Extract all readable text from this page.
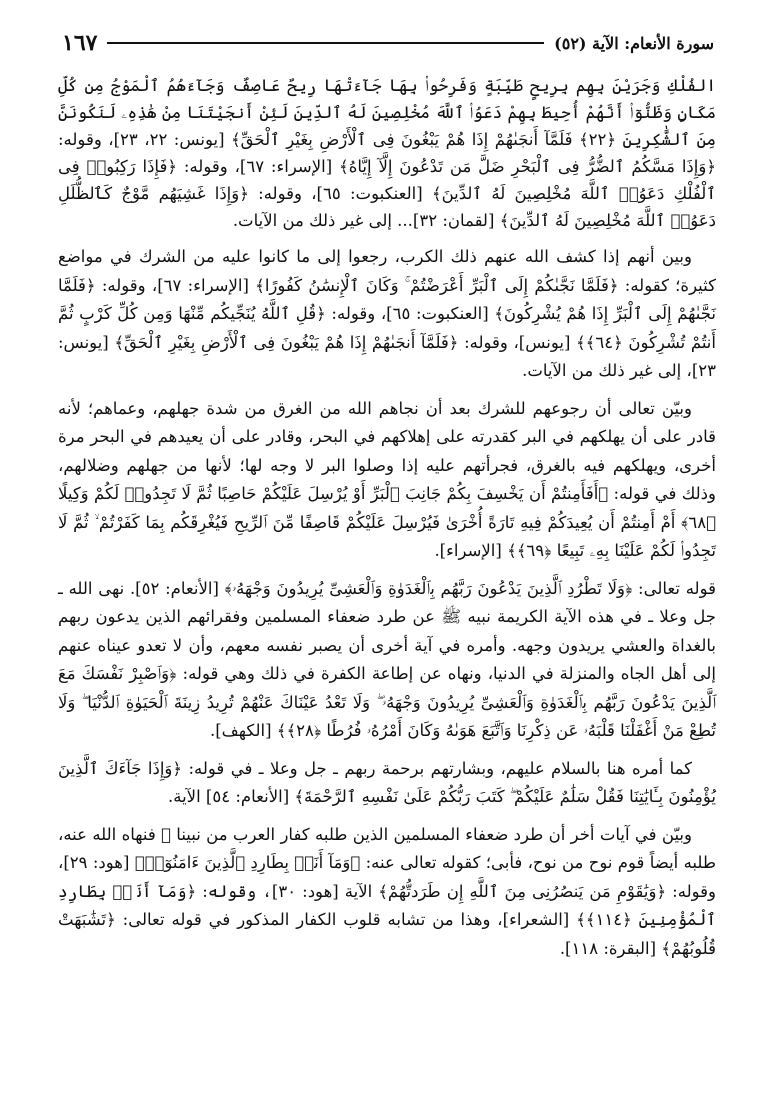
سورة الأنعام: الآية (٥٢)
١٦٧

الفُلْكِ وَجَرَيْنَ بِهِم بِرِيحٍ طَيِّبَةٍ وَفَرِحُوا۟ بِهَا جَآءَتْهَا رِيحٌ عَاصِفٌ وَجَآءَهُمُ ٱلْمَوْجُ مِن كُلِّ مَكَانٍ وَظَنُّوٓا۟ أَنَّهُمْ أُحِيطَ بِهِمْ دَعَوُا۟ ٱللَّهَ مُخْلِصِينَ لَهُ ٱلدِّينَ لَئِنْ أَنجَيْتَنَا مِنْ هَٰذِهِۦ لَنَكُونَنَّ مِنَ ٱلشَّٰكِرِينَ ﴿٢٢﴾ فَلَمَّآ أَنجَىٰهُمْ إِذَا هُمْ يَبْغُونَ فِى ٱلْأَرْضِ بِغَيْرِ ٱلْحَقِّ﴾ [يونس: ٢٢، ٢٣]، وقوله: ﴿وَإِذَا مَسَّكُمُ ٱلضُّرُّ فِى ٱلْبَحْرِ ضَلَّ مَن تَدْعُونَ إِلَّآ إِيَّاهُ﴾ [الإسراء: ٦٧]، وقوله: ﴿فَإِذَا رَكِبُوا۟ فِى ٱلْفُلْكِ دَعَوُا۟ ٱللَّهَ مُخْلِصِينَ لَهُ ٱلدِّينَ﴾ [العنكبوت: ٦٥]، وقوله: ﴿وَإِذَا غَشِيَهُم مَّوْجٌ كَٱلظُّلَلِ دَعَوُا۟ ٱللَّهَ مُخْلِصِينَ لَهُ ٱلدِّينَ﴾ [لقمان: ٣٢]... إلى غير ذلك من الآيات.

وبين أنهم إذا كشف الله عنهم ذلك الكرب، رجعوا إلى ما كانوا عليه من الشرك في مواضع كثيرة؛ كقوله: ﴿فَلَمَّا نَجَّىٰكُمْ إِلَى ٱلْبَرِّ أَعْرَضْتُمْ ۚ وَكَانَ ٱلْإِنسَٰنُ كَفُورًا﴾ [الإسراء: ٦٧]، وقوله: ﴿فَلَمَّا نَجَّىٰهُمْ إِلَى ٱلْبَرِّ إِذَا هُمْ يُشْرِكُونَ﴾ [العنكبوت: ٦٥]، وقوله: ﴿قُلِ ٱللَّهُ يُنَجِّيكُم مِّنْهَا وَمِن كُلِّ كَرْبٍ ثُمَّ أَنتُمْ تُشْرِكُونَ ﴿٦٤﴾﴾ [يونس]، وقوله: ﴿فَلَمَّآ أَنجَىٰهُمْ إِذَا هُمْ يَبْغُونَ فِى ٱلْأَرْضِ بِغَيْرِ ٱلْحَقِّ﴾ [يونس: ٢٣]، إلى غير ذلك من الآيات.

وبيّن تعالى أن رجوعهم للشرك بعد أن نجاهم الله من الغرق من شدة جهلهم، وعماهم؛ لأنه قادر على أن يهلكهم في البر كقدرته على إهلاكهم في البحر، وقادر على أن يعيدهم في البحر مرة أخرى، ويهلكهم فيه بالغرق، فجرأتهم عليه إذا وصلوا البر لا وجه لها؛ لأنها من جهلهم وضلالهم، وذلك في قوله: ﴿أَفَأَمِنتُمْ أَن يَخْسِفَ بِكُمْ جَانِبَ ٱلْبَرِّ أَوْ يُرْسِلَ عَلَيْكُمْ حَاصِبًا ثُمَّ لَا تَجِدُوا۟ لَكُمْ وَكِيلًا ﴿٦٨﴾ أَمْ أَمِنتُمْ أَن يُعِيدَكُمْ فِيهِ تَارَةً أُخْرَىٰ فَيُرْسِلَ عَلَيْكُمْ قَاصِفًا مِّنَ ٱلرِّيحِ فَيُغْرِقَكُم بِمَا كَفَرْتُمْ ۙ ثُمَّ لَا تَجِدُوا۟ لَكُمْ عَلَيْنَا بِهِۦ تَبِيعًا ﴿٦٩﴾﴾ [الإسراء].

قوله تعالى: ﴿وَلَا تَطْرُدِ ٱلَّذِينَ يَدْعُونَ رَبَّهُم بِٱلْغَدَوٰةِ وَٱلْعَشِىِّ يُرِيدُونَ وَجْهَهُۥ﴾ [الأنعام: ٥٢]. نهى الله ـ جل وعلا ـ في هذه الآية الكريمة نبيه ﷺ عن طرد ضعفاء المسلمين وفقرائهم الذين يدعون ربهم بالغداة والعشي يريدون وجهه. وأمره في آية أخرى أن يصبر نفسه معهم، وأن لا تعدو عيناه عنهم إلى أهل الجاه والمنزلة في الدنيا، ونهاه عن إطاعة الكفرة في ذلك وهي قوله: ﴿وَٱصْبِرْ نَفْسَكَ مَعَ ٱلَّذِينَ يَدْعُونَ رَبَّهُم بِٱلْغَدَوٰةِ وَٱلْعَشِىِّ يُرِيدُونَ وَجْهَهُۥ ۖ وَلَا تَعْدُ عَيْنَاكَ عَنْهُمْ تُرِيدُ زِينَةَ ٱلْحَيَوٰةِ ٱلدُّنْيَا ۖ وَلَا تُطِعْ مَنْ أَغْفَلْنَا قَلْبَهُۥ عَن ذِكْرِنَا وَٱتَّبَعَ هَوَىٰهُ وَكَانَ أَمْرُهُۥ فُرُطًا ﴿٢٨﴾﴾ [الكهف].

كما أمره هنا بالسلام عليهم، وبشارتهم برحمة ربهم ـ جل وعلا ـ في قوله: ﴿وَإِذَا جَآءَكَ ٱلَّذِينَ يُؤْمِنُونَ بِـَٔايَٰتِنَا فَقُلْ سَلَٰمٌ عَلَيْكُمْ ۖ كَتَبَ رَبُّكُمْ عَلَىٰ نَفْسِهِ ٱلرَّحْمَةَ﴾ [الأنعام: ٥٤] الآية.

وبيّن في آيات أخر أن طرد ضعفاء المسلمين الذين طلبه كفار العرب من نبينا ﷺ فنهاه الله عنه، طلبه أيضاً قوم نوح من نوح، فأبى؛ كقوله تعالى عنه: ﴿وَمَآ أَنَا۠ بِطَارِدِ ٱلَّذِينَ ءَامَنُوٓا۟﴾ [هود: ٢٩]، وقوله: ﴿وَيَٰقَوْمِ مَن يَنصُرُنِى مِنَ ٱللَّهِ إِن طَرَدتُّهُمْ﴾ الآية [هود: ٣٠]، وقوله: ﴿وَمَآ أَنَا۠ بِطَارِدِ ٱلْمُؤْمِنِينَ ﴿١١٤﴾﴾ [الشعراء]، وهذا من تشابه قلوب الكفار المذكور في قوله تعالى: ﴿تَشَٰبَهَتْ قُلُوبُهُمْ﴾ [البقرة: ١١٨].
